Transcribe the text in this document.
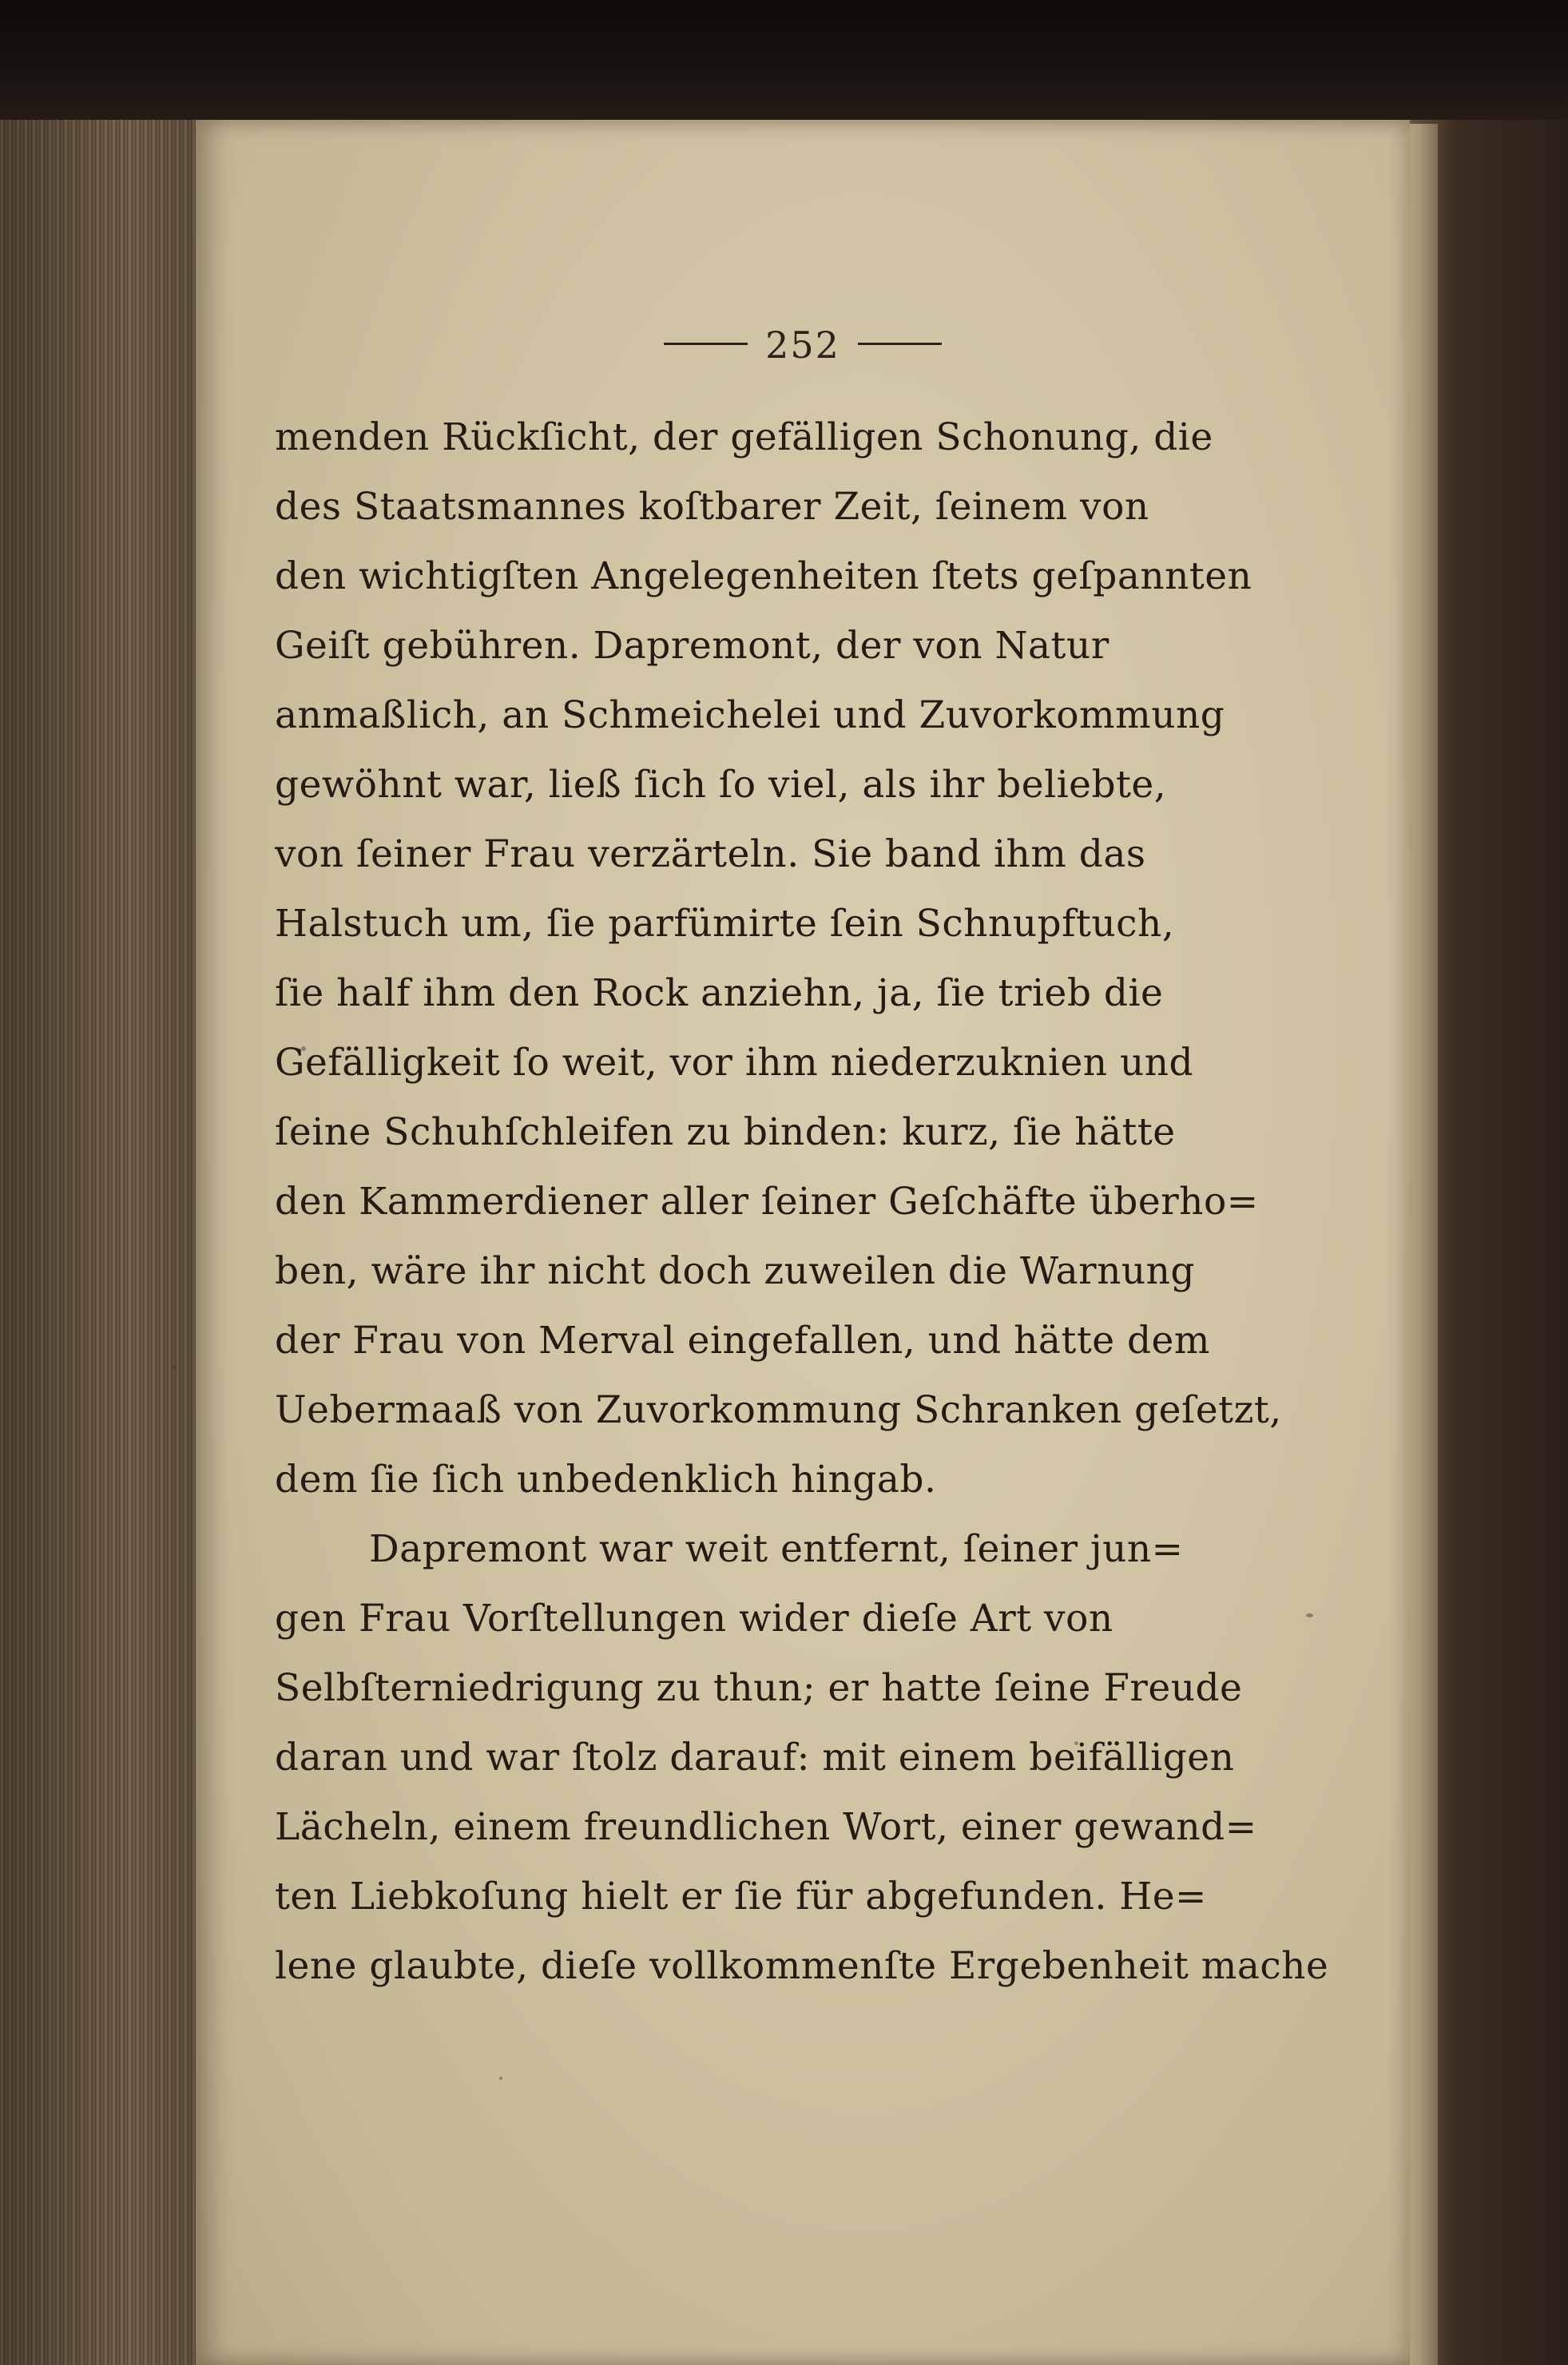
252
menden Rückſicht, der gefälligen Schonung, die
des Staatsmannes koſtbarer Zeit, ſeinem von
den wichtigſten Angelegenheiten ſtets geſpannten
Geiſt gebühren. Dapremont, der von Natur
anmaßlich, an Schmeichelei und Zuvorkommung
gewöhnt war, ließ ſich ſo viel, als ihr beliebte,
von ſeiner Frau verzärteln. Sie band ihm das
Halstuch um, ſie parfümirte ſein Schnupftuch,
ſie half ihm den Rock anziehn, ja, ſie trieb die
Gefälligkeit ſo weit, vor ihm niederzuknien und
ſeine Schuhſchleifen zu binden: kurz, ſie hätte
den Kammerdiener aller ſeiner Geſchäfte überho=
ben, wäre ihr nicht doch zuweilen die Warnung
der Frau von Merval eingefallen, und hätte dem
Uebermaaß von Zuvorkommung Schranken geſetzt,
dem ſie ſich unbedenklich hingab.
Dapremont war weit entfernt, ſeiner jun=
gen Frau Vorſtellungen wider dieſe Art von
Selbſterniedrigung zu thun; er hatte ſeine Freude
daran und war ſtolz darauf: mit einem beifälligen
Lächeln, einem freundlichen Wort, einer gewand=
ten Liebkoſung hielt er ſie für abgefunden. He=
lene glaubte, dieſe vollkommenſte Ergebenheit mache
